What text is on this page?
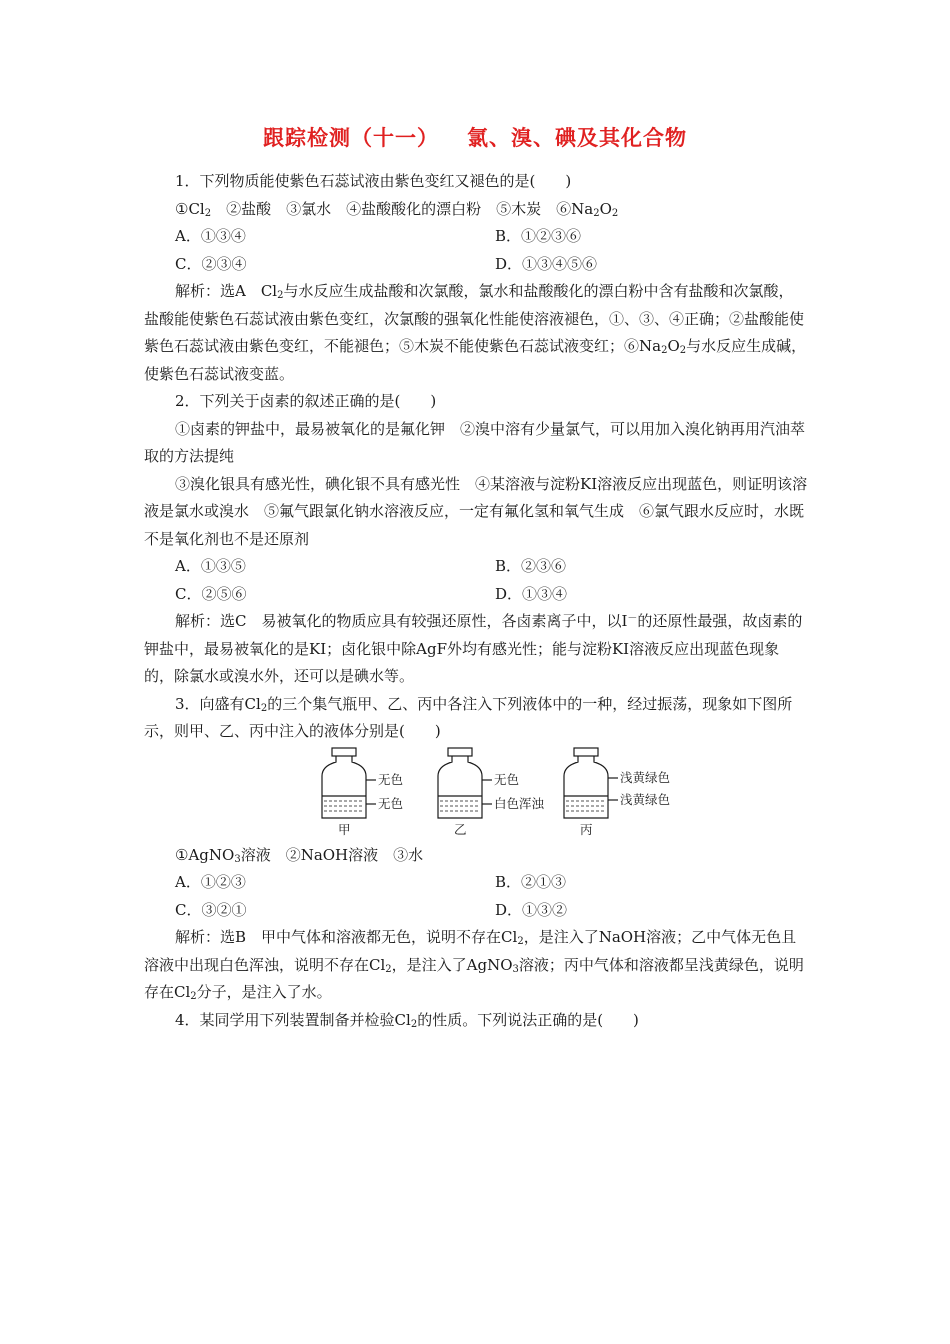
跟踪检测（十一） 氯、溴、碘及其化合物

1．下列物质能使紫色石蕊试液由紫色变红又褪色的是(　　)

$①Cl_2$　②盐酸　③氯水　④盐酸酸化的漂白粉　⑤木炭　$⑥Na_2O_2$

A．①③④	B．①②③⑥
C．②③④	D．①③④⑤⑥

解析：选A　$Cl_2$与水反应生成盐酸和次氯酸，氯水和盐酸酸化的漂白粉中含有盐酸和次氯酸，盐酸能使紫色石蕊试液由紫色变红，次氯酸的强氧化性能使溶液褪色，①、③、④正确；②盐酸能使紫色石蕊试液由紫色变红，不能褪色；⑤木炭不能使紫色石蕊试液变红；$⑥Na_2O_2$与水反应生成碱，使紫色石蕊试液变蓝。

2．下列关于卤素的叙述正确的是(　　)

①卤素的钾盐中，最易被氧化的是氟化钾　②溴中溶有少量氯气，可以用加入溴化钠再用汽油萃取的方法提纯

③溴化银具有感光性，碘化银不具有感光性　④某溶液与淀粉KI溶液反应出现蓝色，则证明该溶液是氯水或溴水　⑤氟气跟氯化钠水溶液反应，一定有氟化氢和氧气生成　⑥氯气跟水反应时，水既不是氧化剂也不是还原剂

A．①③⑤	B．②③⑥
C．②⑤⑥	D．①③④

解析：选C　易被氧化的物质应具有较强还原性，各卤素离子中，以I－的还原性最强，故卤素的钾盐中，最易被氧化的是KI；卤化银中除AgF外均有感光性；能与淀粉KI溶液反应出现蓝色现象的，除氯水或溴水外，还可以是碘水等。

3．向盛有$Cl_2$的三个集气瓶甲、乙、丙中各注入下列液体中的一种，经过振荡，现象如下图所示，则甲、乙、丙中注入的液体分别是(　　)

无色
无色
甲
无色
白色浑浊
乙
浅黄绿色
浅黄绿色
丙

①AgNO$_3$溶液　②NaOH溶液　③水

A．①②③	B．②①③
C．③②①	D．①③②

解析：选B　甲中气体和溶液都无色，说明不存在$Cl_2$，是注入了NaOH溶液；乙中气体无色且溶液中出现白色浑浊，说明不存在$Cl_2$，是注入了AgNO$_3$溶液；丙中气体和溶液都呈浅黄绿色，说明存在$Cl_2$分子，是注入了水。

4．某同学用下列装置制备并检验$Cl_2$的性质。下列说法正确的是(　　)
